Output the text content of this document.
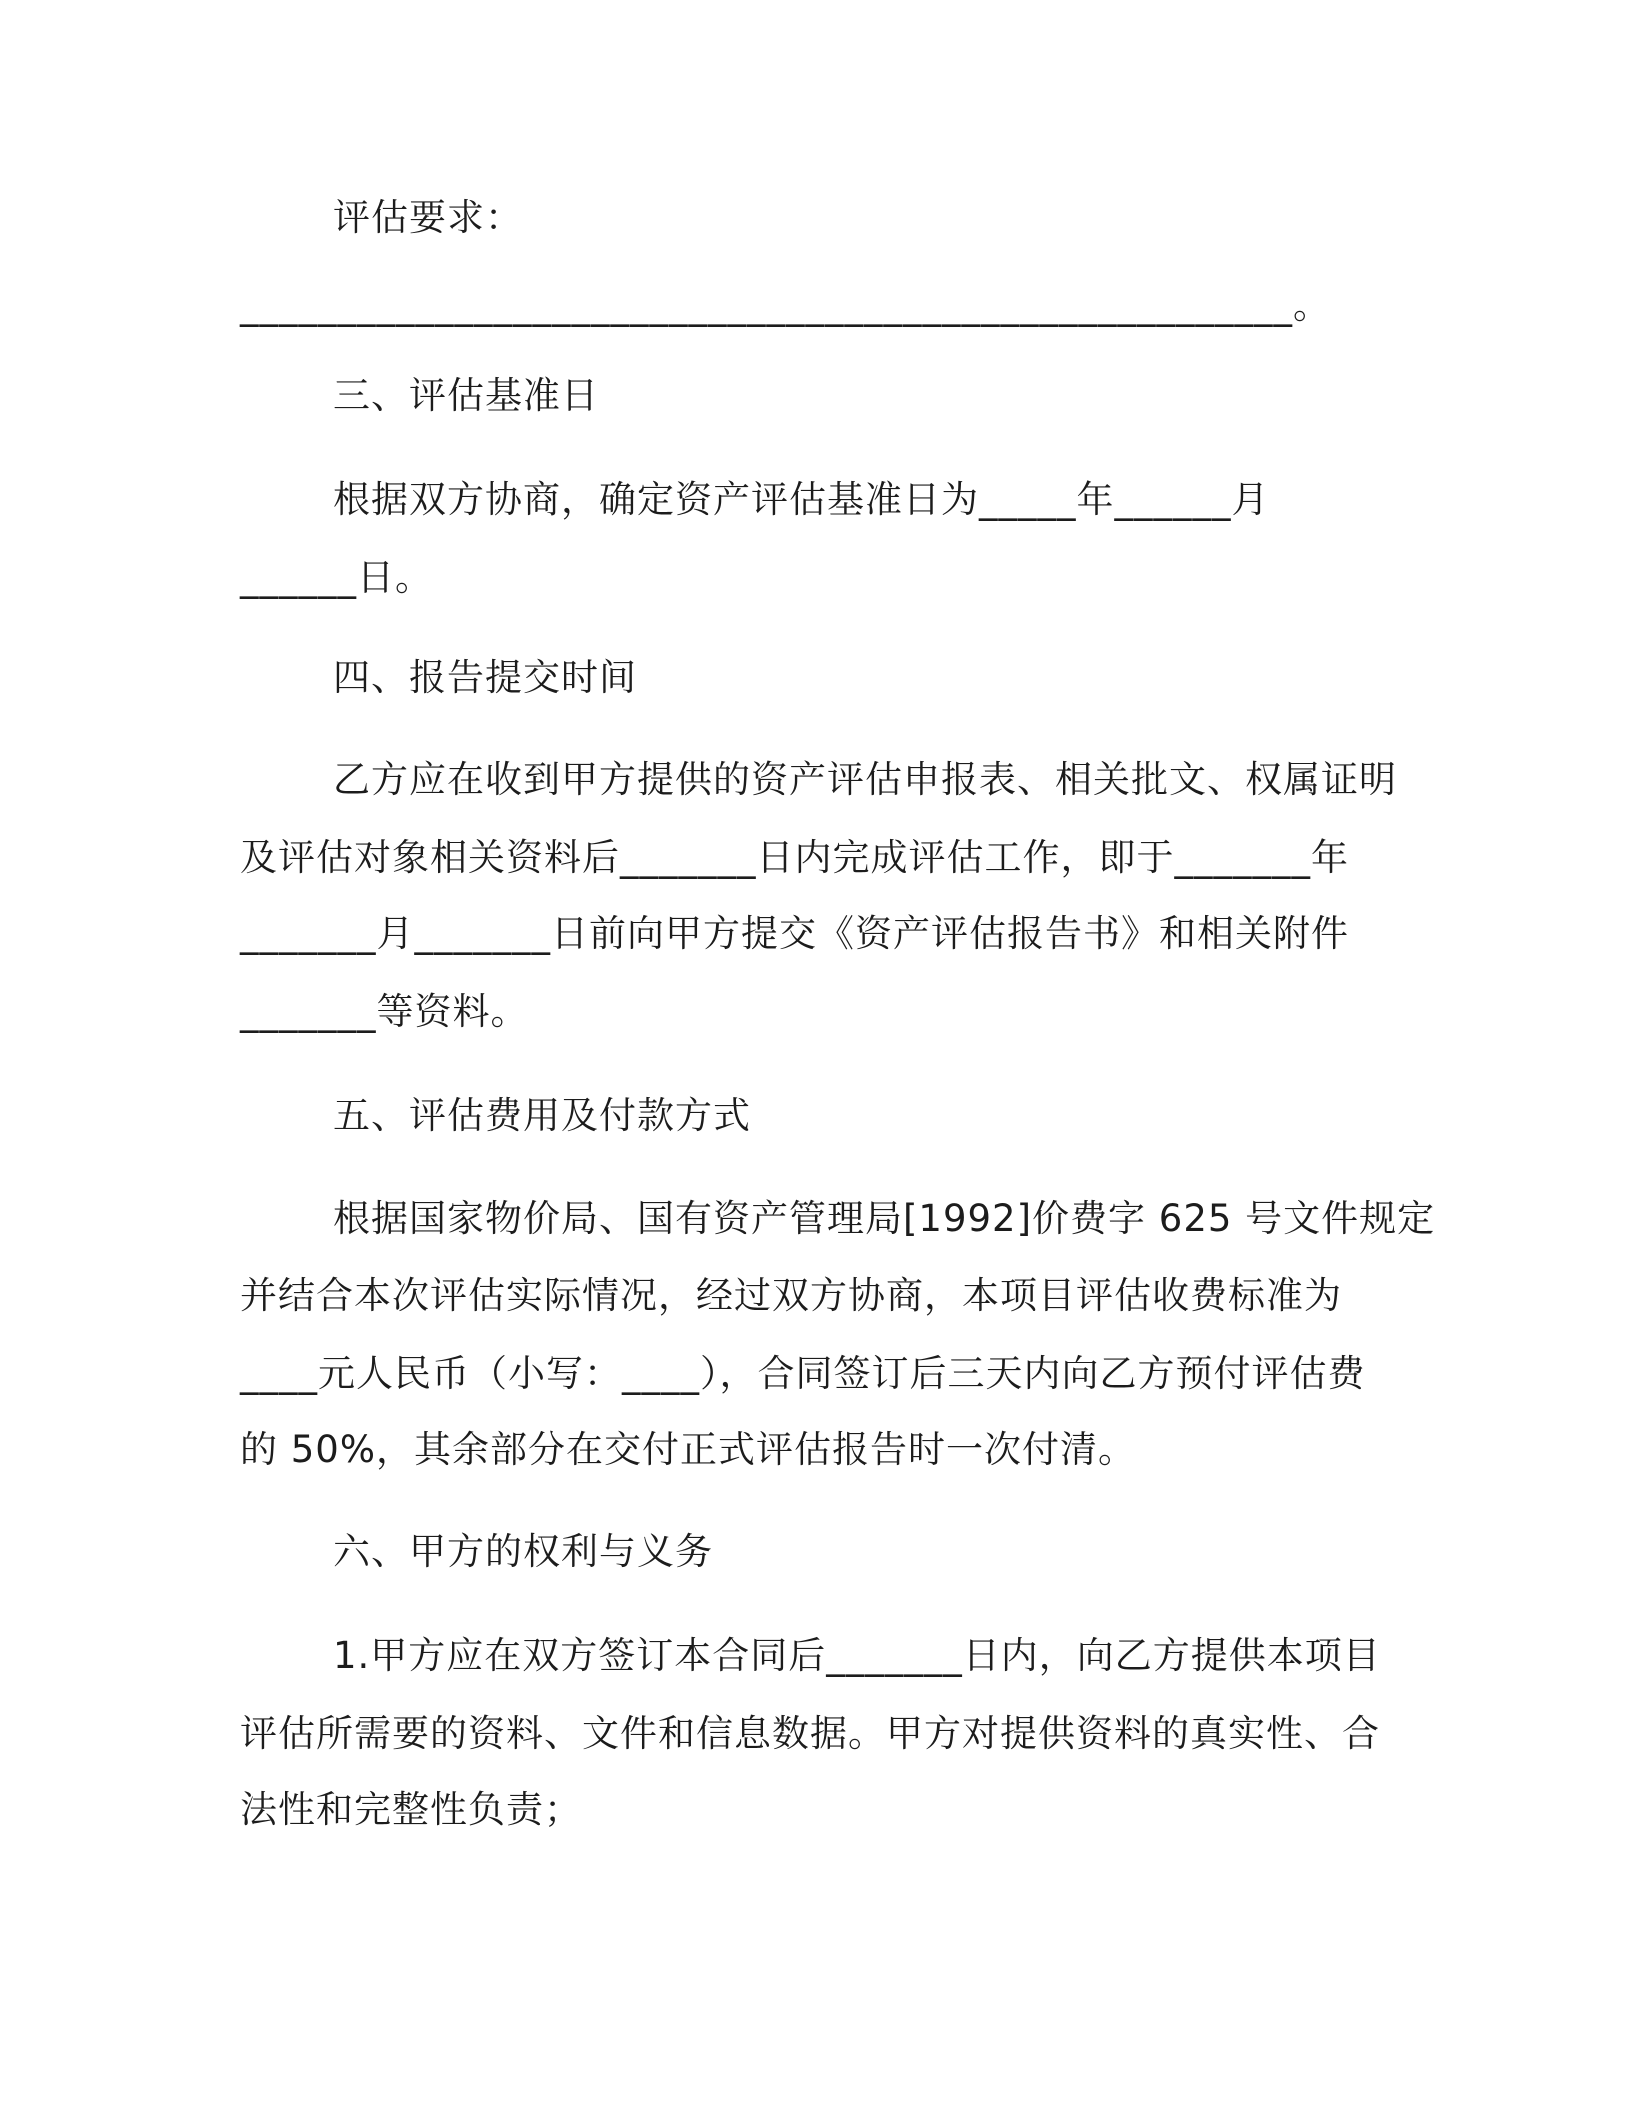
评估要求：
______________________________________________________。
三、评估基准日
根据双方协商，确定资产评估基准日为_____年______月
______日。
四、报告提交时间
乙方应在收到甲方提供的资产评估申报表、相关批文、权属证明
及评估对象相关资料后_______日内完成评估工作，即于_______年
_______月_______日前向甲方提交《资产评估报告书》和相关附件
_______等资料。
五、评估费用及付款方式
根据国家物价局、国有资产管理局[1992]价费字 625 号文件规定
并结合本次评估实际情况，经过双方协商，本项目评估收费标准为
____元人民币（小写：____），合同签订后三天内向乙方预付评估费
的 50%，其余部分在交付正式评估报告时一次付清。
六、甲方的权利与义务
1.甲方应在双方签订本合同后_______日内，向乙方提供本项目
评估所需要的资料、文件和信息数据。甲方对提供资料的真实性、合
法性和完整性负责；
